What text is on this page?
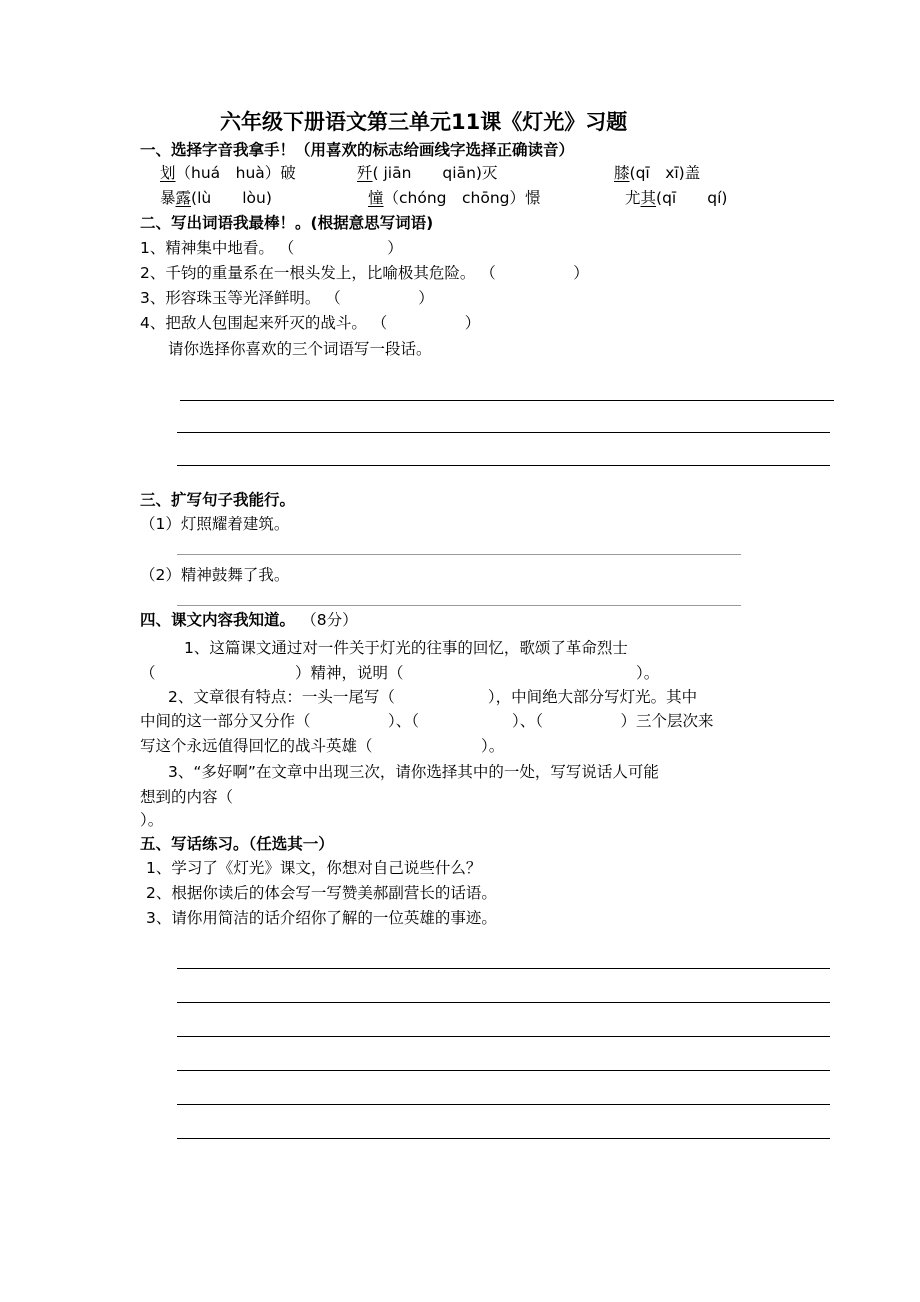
六年级下册语文第三单元11课《灯光》习题
一、选择字音我拿手！（用喜欢的标志给画线字选择正确读音）
划（huá　huà）破	歼( jiān　　qiān)灭	膝(qī　xī)盖
暴露(lù　　lòu)	憧（chóng　chōng）憬	尤其(qī　　qí)
二、写出词语我最棒！。(根据意思写词语)
1、精神集中地看。 （　　　　　　）
2、千钧的重量系在一根头发上，比喻极其危险。 （　　　　　）
3、形容珠玉等光泽鲜明。 （　　　　　）
4、把敌人包围起来歼灭的战斗。 （　　　　　）
请你选择你喜欢的三个词语写一段话。
三、扩写句子我能行。
（1）灯照耀着建筑。
（2）精神鼓舞了我。
四、课文内容我知道。 （8分）
1、这篇课文通过对一件关于灯光的往事的回忆，歌颂了革命烈士
（　　　　　　　　　）精神，说明（　　　　　　　　　　　　　　　）。
2、文章很有特点：一头一尾写（　　　　　　），中间绝大部分写灯光。其中
中间的这一部分又分作（　　　　　）、（　　　　　　）、（　　　　　）三个层次来
写这个永远值得回忆的战斗英雄（　　　　　　　）。
3、“多好啊”在文章中出现三次，请你选择其中的一处，写写说话人可能
想到的内容（
）。
五、写话练习。（任选其一）
1、学习了《灯光》课文，你想对自己说些什么？
2、根据你读后的体会写一写赞美郝副营长的话语。
3、请你用简洁的话介绍你了解的一位英雄的事迹。
